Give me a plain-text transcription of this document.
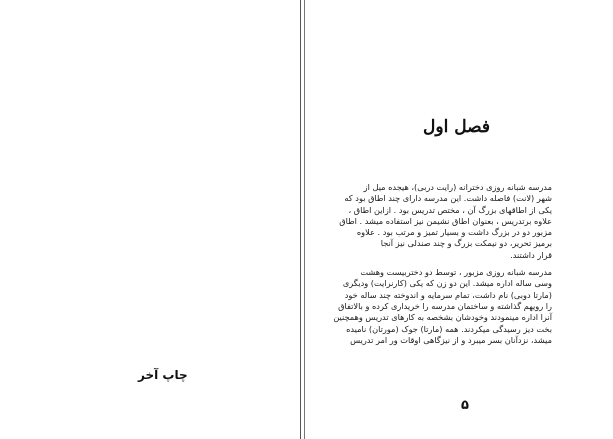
چاپ آخر
فصل اول

مدرسه شبانه روزی دخترانه (رایت دربی)، هیجده میل از

شهر (لانت) فاصله داشت. این مدرسه دارای چند اطاق بود که

یکی از اطاقهای بزرگ آن ، مختص تدریس بود . ازاین اطاق ،

علاوه برتدریس ، بعنوان اطاق نشیمن نیز استفاده میشد . اطاق

مزبور دو در بزرگ داشت و بسیار تمیز و مرتب بود . علاوه

برمیز تحریر، دو نیمکت بزرگ و چند صندلی نیز آنجا

قرار داشتند.

مدرسه شبانه روزی مزبور ، توسط دو دختربیست وهشت

وسی ساله اداره میشد. این دو زن که یکی (کارنرایت) ودیگری

(مارتا دوبی) نام داشت، تمام سرمایه و اندوخته چند ساله خود

را رویهم گذاشته و ساختمان مدرسه را خریداری کرده و بالاتفاق

آنرا اداره مینمودند وخودشان بشخصه به کارهای تدریس وهمچنین

بخت دیز رسیدگی میکردند. همه (مارتا) جوک (مورتان) نامیده

میشد، نزدآنان بسر میبرد و از نیزگاهی اوقات ور امر تدریس

۵
